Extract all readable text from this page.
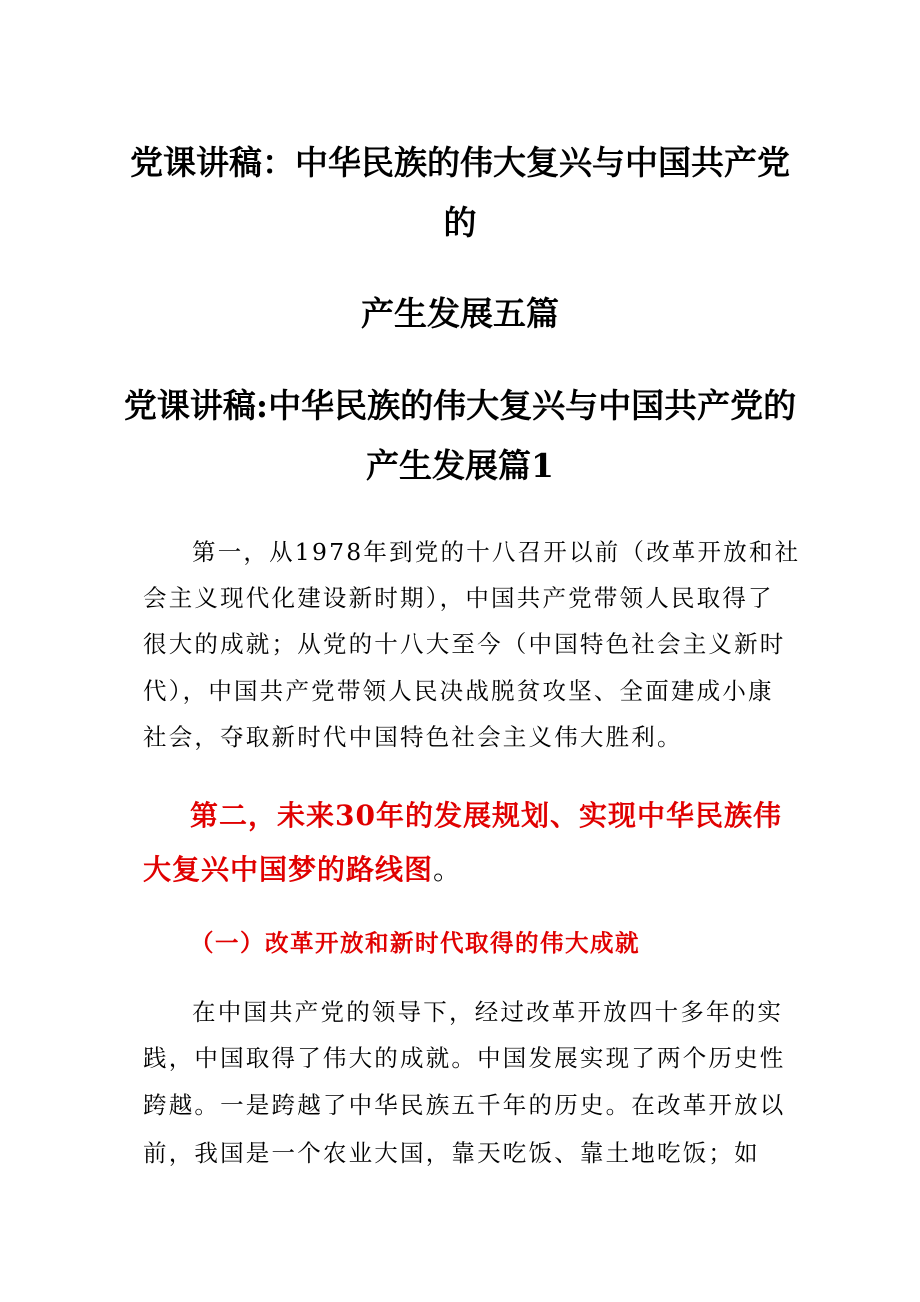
党课讲稿：中华民族的伟大复兴与中国共产党
的
产生发展五篇
党课讲稿:中华民族的伟大复兴与中国共产党的
产生发展篇1
第一，从1978年到党的十八召开以前（改革开放和社
会主义现代化建设新时期），中国共产党带领人民取得了
很大的成就；从党的十八大至今（中国特色社会主义新时
代），中国共产党带领人民决战脱贫攻坚、全面建成小康
社会，夺取新时代中国特色社会主义伟大胜利。
第二，未来30年的发展规划、实现中华民族伟
大复兴中国梦的路线图。
（一）改革开放和新时代取得的伟大成就
在中国共产党的领导下，经过改革开放四十多年的实
践，中国取得了伟大的成就。中国发展实现了两个历史性
跨越。一是跨越了中华民族五千年的历史。在改革开放以
前，我国是一个农业大国，靠天吃饭、靠土地吃饭；如
